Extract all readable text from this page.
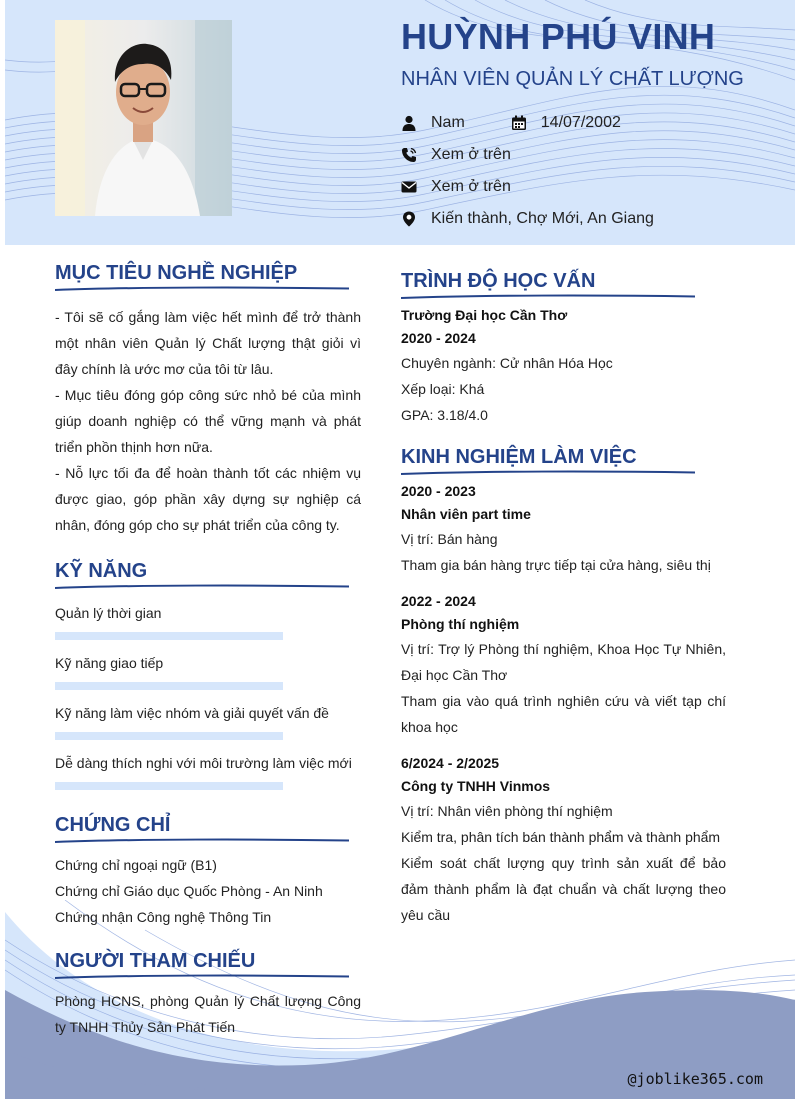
HUỲNH PHÚ VINH
NHÂN VIÊN QUẢN LÝ CHẤT LƯỢNG
Nam	14/07/2002
Xem ở trên
Xem ở trên
Kiến thành, Chợ Mới, An Giang
MỤC TIÊU NGHỀ NGHIỆP
- Tôi sẽ cố gắng làm việc hết mình để trở thành một nhân viên Quản lý Chất lượng thật giỏi vì đây chính là ước mơ của tôi từ lâu.
- Mục tiêu đóng góp công sức nhỏ bé của mình giúp doanh nghiệp có thể vững mạnh và phát triển phồn thịnh hơn nữa.
- Nỗ lực tối đa để hoàn thành tốt các nhiệm vụ được giao, góp phần xây dựng sự nghiệp cá nhân, đóng góp cho sự phát triển của công ty.
KỸ NĂNG
Quản lý thời gian
Kỹ năng giao tiếp
Kỹ năng làm việc nhóm và giải quyết vấn đề
Dễ dàng thích nghi với môi trường làm việc mới
CHỨNG CHỈ
Chứng chỉ ngoại ngữ (B1)
Chứng chỉ Giáo dục Quốc Phòng - An Ninh
Chứng nhận Công nghệ Thông Tin
NGƯỜI THAM CHIẾU
Phòng HCNS, phòng Quản lý Chất lượng Công ty TNHH Thủy Sản Phát Tiến
TRÌNH ĐỘ HỌC VẤN
Trường Đại học Cần Thơ
2020 - 2024
Chuyên ngành: Cử nhân Hóa Học
Xếp loại: Khá
GPA: 3.18/4.0
KINH NGHIỆM LÀM VIỆC
2020 - 2023
Nhân viên part time
Vị trí: Bán hàng
Tham gia bán hàng trực tiếp tại cửa hàng, siêu thị
2022 - 2024
Phòng thí nghiệm
Vị trí: Trợ lý Phòng thí nghiệm, Khoa Học Tự Nhiên, Đại học Cần Thơ
Tham gia vào quá trình nghiên cứu và viết tạp chí khoa học
6/2024 - 2/2025
Công ty TNHH Vinmos
Vị trí: Nhân viên phòng thí nghiệm
Kiểm tra, phân tích bán thành phẩm và thành phẩm
Kiểm soát chất lượng quy trình sản xuất để bảo đảm thành phẩm là đạt chuẩn và chất lượng theo yêu cầu
@joblike365.com
